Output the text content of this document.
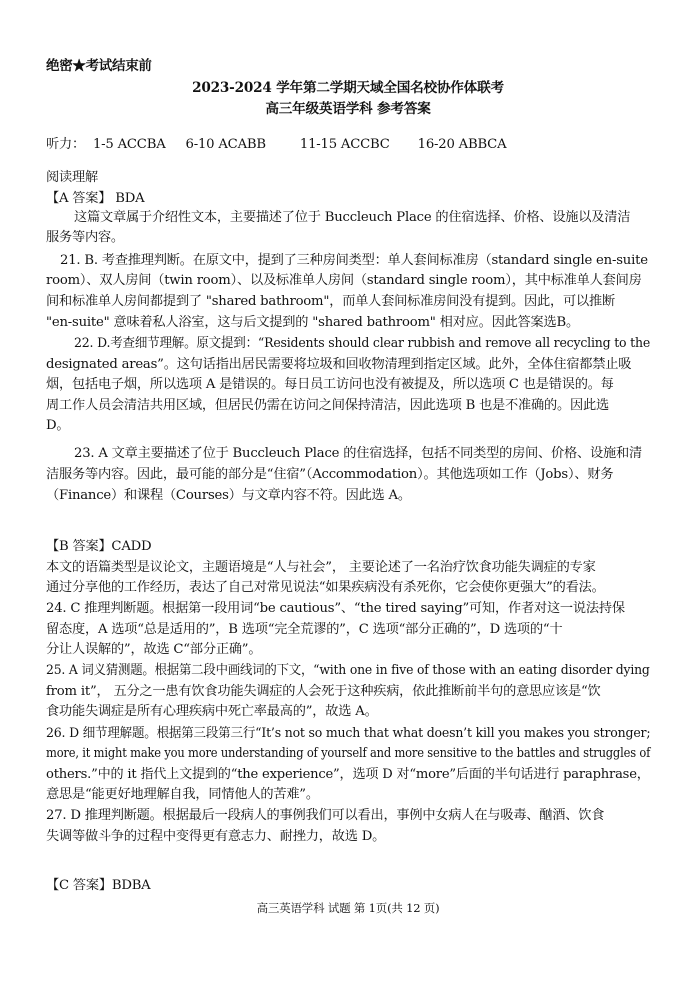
绝密★考试结束前
2023-2024 学年第二学期天域全国名校协作体联考
高三年级英语学科 参考答案
听力： 1-5 ACCBA 6-10 ACABB	11-15 ACCBC 16-20 ABBCA
阅读理解
【A 答案】 BDA
这篇文章属于介绍性文本，主要描述了位于 Buccleuch Place 的住宿选择、价格、设施以及清洁
服务等内容。
21. B. 考查推理判断。在原文中，提到了三种房间类型：单人套间标准房（standard single en-suite
room）、双人房间（twin room）、以及标准单人房间（standard single room），其中标准单人套间房
间和标准单人房间都提到了 "shared bathroom"，而单人套间标准房间没有提到。因此，可以推断
"en-suite" 意味着私人浴室，这与后文提到的 "shared bathroom" 相对应。因此答案选B。
22. D.考查细节理解。原文提到：“Residents should clear rubbish and remove all recycling to the
designated areas”。这句话指出居民需要将垃圾和回收物清理到指定区域。此外，全体住宿都禁止吸
烟，包括电子烟，所以选项 A 是错误的。每日员工访问也没有被提及，所以选项 C 也是错误的。每
周工作人员会清洁共用区域，但居民仍需在访问之间保持清洁，因此选项 B 也是不准确的。因此选
D。
23. A 文章主要描述了位于 Buccleuch Place 的住宿选择，包括不同类型的房间、价格、设施和清
洁服务等内容。因此，最可能的部分是“住宿”（Accommodation）。其他选项如工作（Jobs）、财务
（Finance）和课程（Courses）与文章内容不符。因此选 A。
【B 答案】CADD
本文的语篇类型是议论文，主题语境是“人与社会”， 主要论述了一名治疗饮食功能失调症的专家
通过分享他的工作经历，表达了自己对常见说法“如果疾病没有杀死你，它会使你更强大”的看法。
24. C 推理判断题。根据第一段用词“be cautious”、“the tired saying”可知，作者对这一说法持保
留态度，A 选项“总是适用的”，B 选项“完全荒谬的”，C 选项“部分正确的”，D 选项的“十
分让人误解的”，故选 C“部分正确”。
25. A 词义猜测题。根据第二段中画线词的下文，“with one in five of those with an eating disorder dying
from it”， 五分之一患有饮食功能失调症的人会死于这种疾病，依此推断前半句的意思应该是“饮
食功能失调症是所有心理疾病中死亡率最高的”，故选 A。
26. D 细节理解题。根据第三段第三行“It’s not so much that what doesn’t kill you makes you stronger;
more, it might make you more understanding of yourself and more sensitive to the battles and struggles of
others.”中的 it 指代上文提到的“the experience”，选项 D 对“more”后面的半句话进行 paraphrase，
意思是“能更好地理解自我，同情他人的苦难”。
27. D 推理判断题。根据最后一段病人的事例我们可以看出，事例中女病人在与吸毒、酗酒、饮食
失调等做斗争的过程中变得更有意志力、耐挫力，故选 D。
【C 答案】BDBA
高三英语学科 试题 第 1页(共 12 页)
